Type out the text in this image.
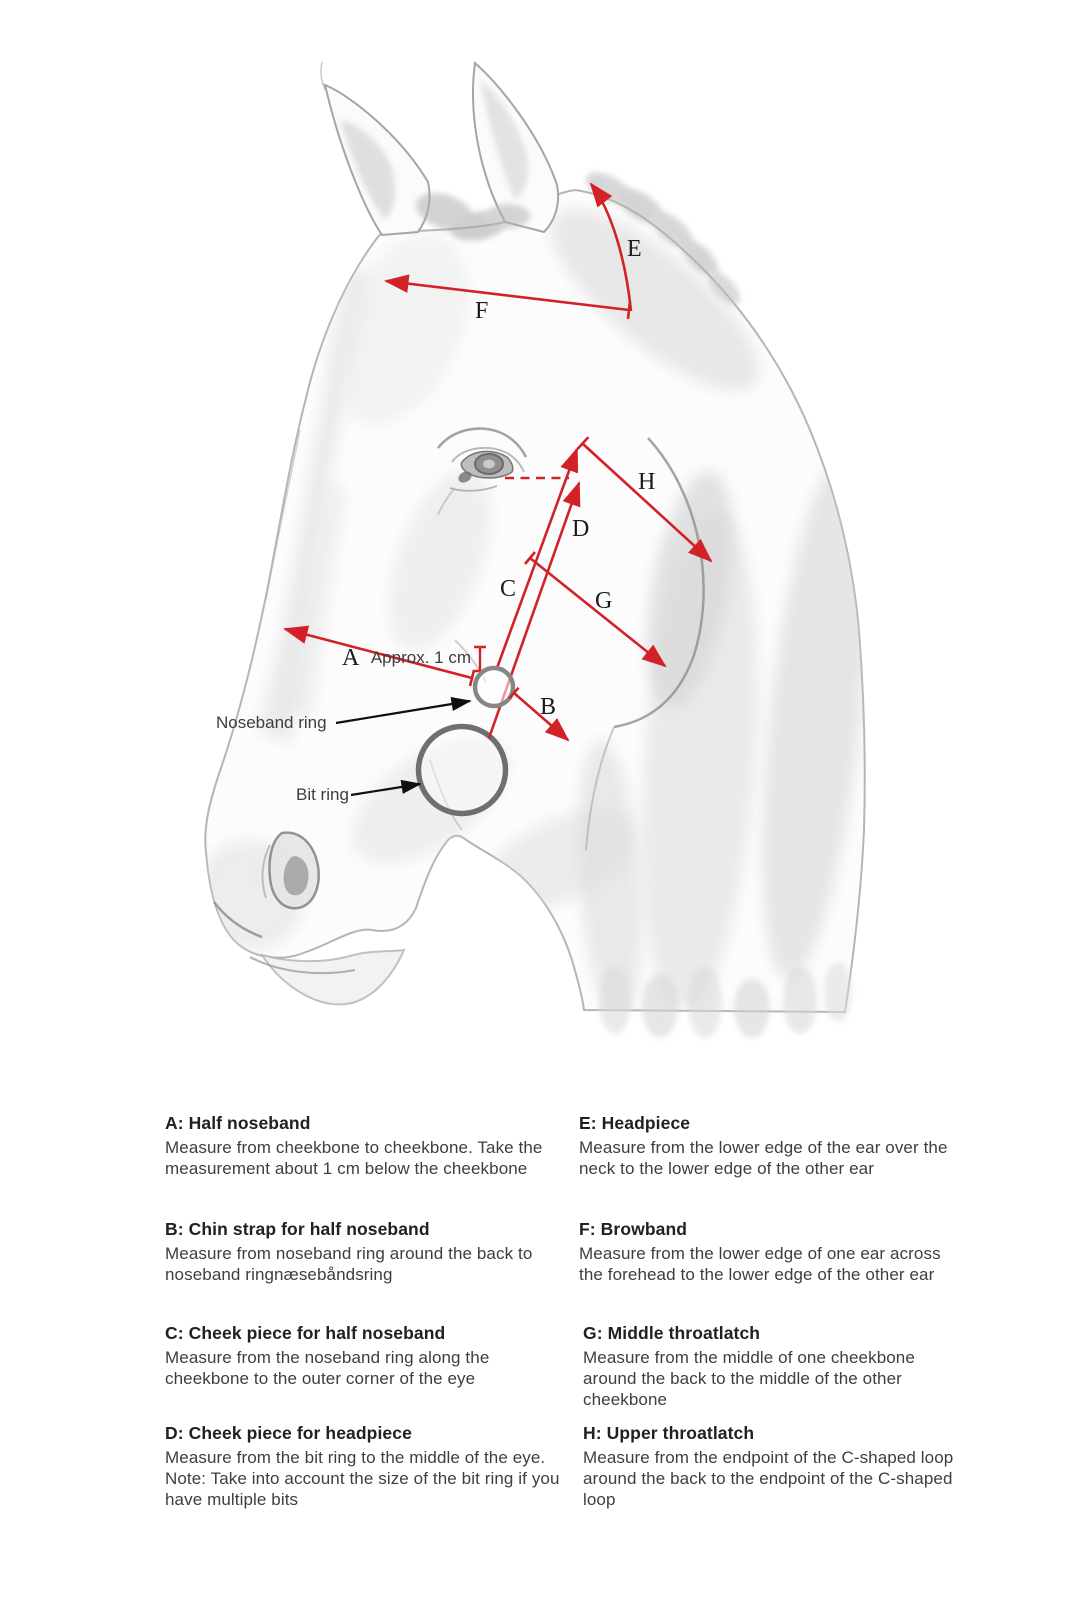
A
B
C
D
E
F
G
H
Approx. 1 cm
Noseband ring
Bit ring
A: Half noseband

Measure from cheekbone to cheekbone. Take the measurement about 1 cm below the cheekbone

B: Chin strap for half noseband

Measure from noseband ring around the back to noseband ringnæsebåndsring

C: Cheek piece for half noseband

Measure from the noseband ring along the cheekbone to the outer corner of the eye

D: Cheek piece for headpiece

Measure from the bit ring to the middle of the eye. Note: Take into account the size of the bit ring if you have multiple bits

E: Headpiece

Measure from the lower edge of the ear over the neck to the lower edge of the other ear

F: Browband

Measure from the lower edge of one ear across the forehead to the lower edge of the other ear

G: Middle throatlatch

Measure from the middle of one cheekbone around the back to the middle of the other cheekbone

H: Upper throatlatch

Measure from the endpoint of the C-shaped loop around the back to the endpoint of the C-shaped loop
